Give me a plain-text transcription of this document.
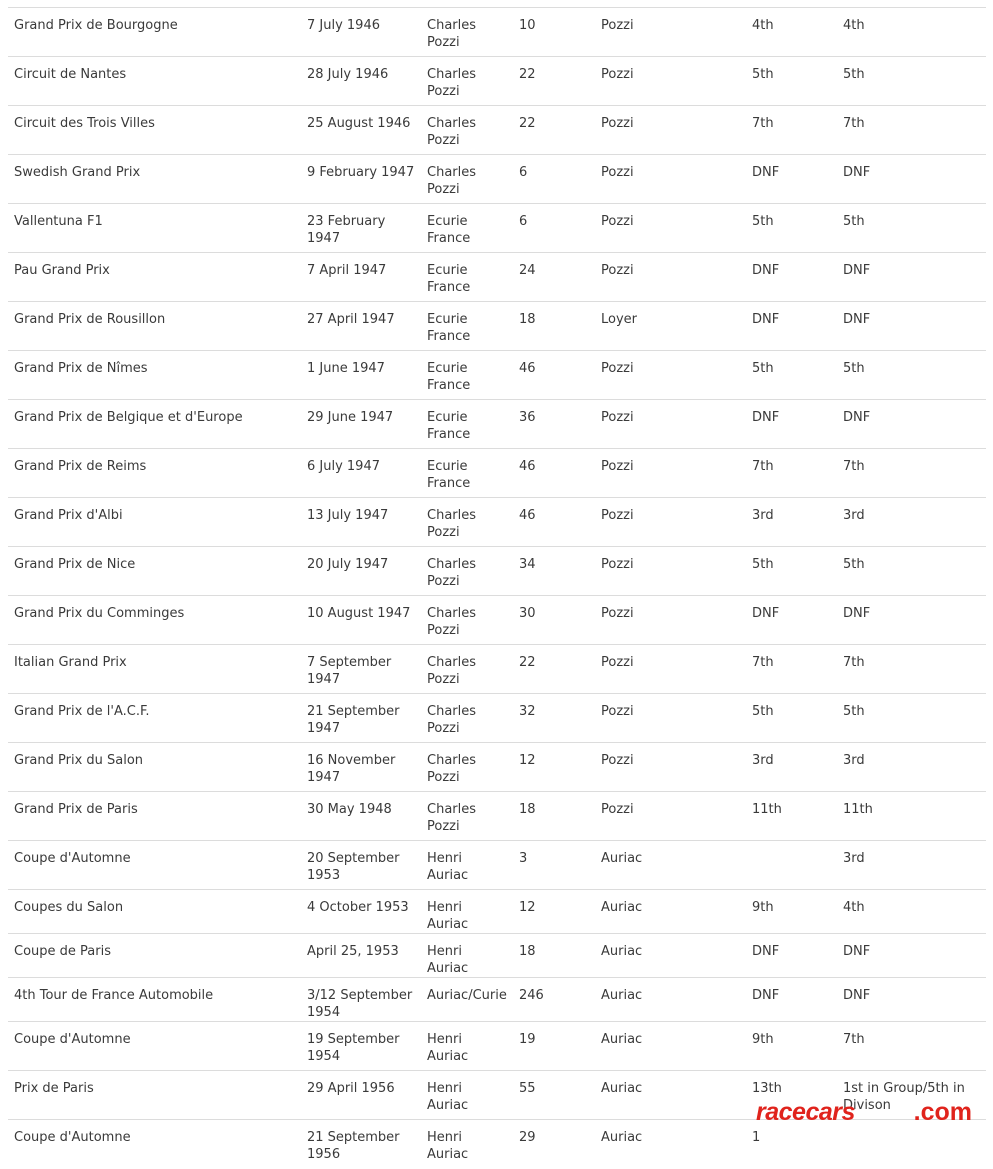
Grand Prix de Bourgogne	7 July 1946	Charles Pozzi	10	Pozzi	4th	4th
Circuit de Nantes	28 July 1946	Charles Pozzi	22	Pozzi	5th	5th
Circuit des Trois Villes	25 August 1946	Charles Pozzi	22	Pozzi	7th	7th
Swedish Grand Prix	9 February 1947	Charles Pozzi	6	Pozzi	DNF	DNF
Vallentuna F1	23 February 1947	Ecurie France	6	Pozzi	5th	5th
Pau Grand Prix	7 April 1947	Ecurie France	24	Pozzi	DNF	DNF
Grand Prix de Rousillon	27 April 1947	Ecurie France	18	Loyer	DNF	DNF
Grand Prix de Nîmes	1 June 1947	Ecurie France	46	Pozzi	5th	5th
Grand Prix de Belgique et d'Europe	29 June 1947	Ecurie France	36	Pozzi	DNF	DNF
Grand Prix de Reims	6 July 1947	Ecurie France	46	Pozzi	7th	7th
Grand Prix d'Albi	13 July 1947	Charles Pozzi	46	Pozzi	3rd	3rd
Grand Prix de Nice	20 July 1947	Charles Pozzi	34	Pozzi	5th	5th
Grand Prix du Comminges	10 August 1947	Charles Pozzi	30	Pozzi	DNF	DNF
Italian Grand Prix	7 September 1947	Charles Pozzi	22	Pozzi	7th	7th
Grand Prix de l'A.C.F.	21 September 1947	Charles Pozzi	32	Pozzi	5th	5th
Grand Prix du Salon	16 November 1947	Charles Pozzi	12	Pozzi	3rd	3rd
Grand Prix de Paris	30 May 1948	Charles Pozzi	18	Pozzi	11th	11th
Coupe d'Automne	20 September 1953	Henri Auriac	3	Auriac		3rd
Coupes du Salon	4 October 1953	Henri Auriac	12	Auriac	9th	4th
Coupe de Paris	April 25, 1953	Henri Auriac	18	Auriac	DNF	DNF
4th Tour de France Automobile	3/12 September 1954	Auriac/Curie	246	Auriac	DNF	DNF
Coupe d'Automne	19 September 1954	Henri Auriac	19	Auriac	9th	7th
Prix de Paris	29 April 1956	Henri Auriac	55	Auriac	13th	1st in Group/5th in Divison
Coupe d'Automne	21 September 1956	Henri Auriac	29	Auriac	1	
racecars .com
